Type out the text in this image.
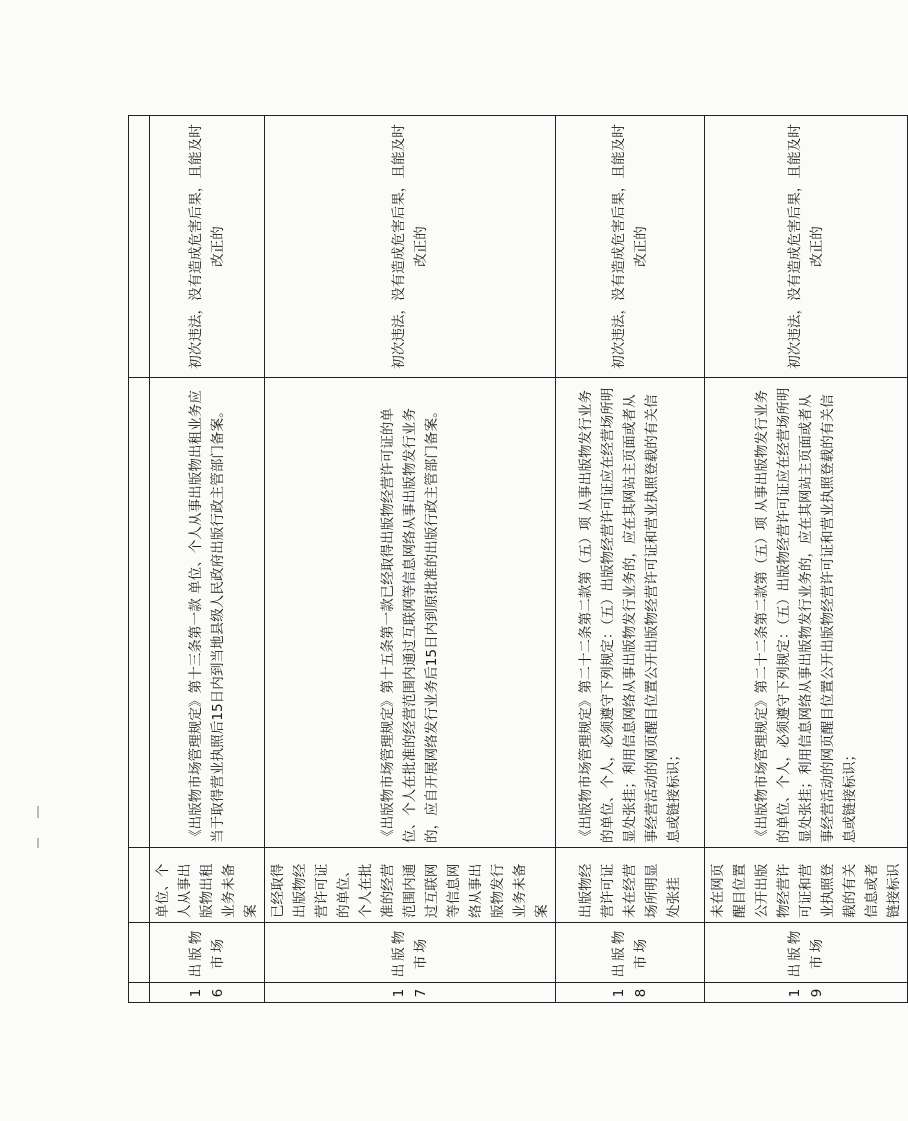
16	出版物市场	单位、个人从事出版物出租业务未备案	《出版物市场管理规定》第十三条第一款 单位、个人从事出版物出租业务应当于取得营业执照后15日内到当地县级人民政府出版行政主管部门备案。	初次违法，没有造成危害后果，且能及时改正的
17	出版物市场	已经取得出版物经营许可证的单位、个人在批准的经营范围内通过互联网等信息网络从事出版物发行业务未备案	《出版物市场管理规定》第十五条第一款已经取得出版物经营许可证的单位、个人在批准的经营范围内通过互联网等信息网络从事出版物发行业务的，应自开展网络发行业务后15日内到原批准的出版行政主管部门备案。	初次违法，没有造成危害后果，且能及时改正的
18	出版物市场	出版物经营许可证未在经营场所明显处张挂	《出版物市场管理规定》第二十二条第二款第（五）项 从事出版物发行业务的单位、个人，必须遵守下列规定：（五）出版物经营许可证应在经营场所明显处张挂；利用信息网络从事出版物发行业务的，应在其网站主页面或者从事经营活动的网页醒目位置公开出版物经营许可证和营业执照登载的有关信息或链接标识；	初次违法，没有造成危害后果，且能及时改正的
19	出版物市场	未在网页醒目位置公开出版物经营许可证和营业执照登载的有关信息或者链接标识	《出版物市场管理规定》第二十二条第二款第（五）项 从事出版物发行业务的单位、个人，必须遵守下列规定：（五）出版物经营许可证应在经营场所明显处张挂；利用信息网络从事出版物发行业务的，应在其网站主页面或者从事经营活动的网页醒目位置公开出版物经营许可证和营业执照登载的有关信息或链接标识；	初次违法，没有造成危害后果，且能及时改正的
